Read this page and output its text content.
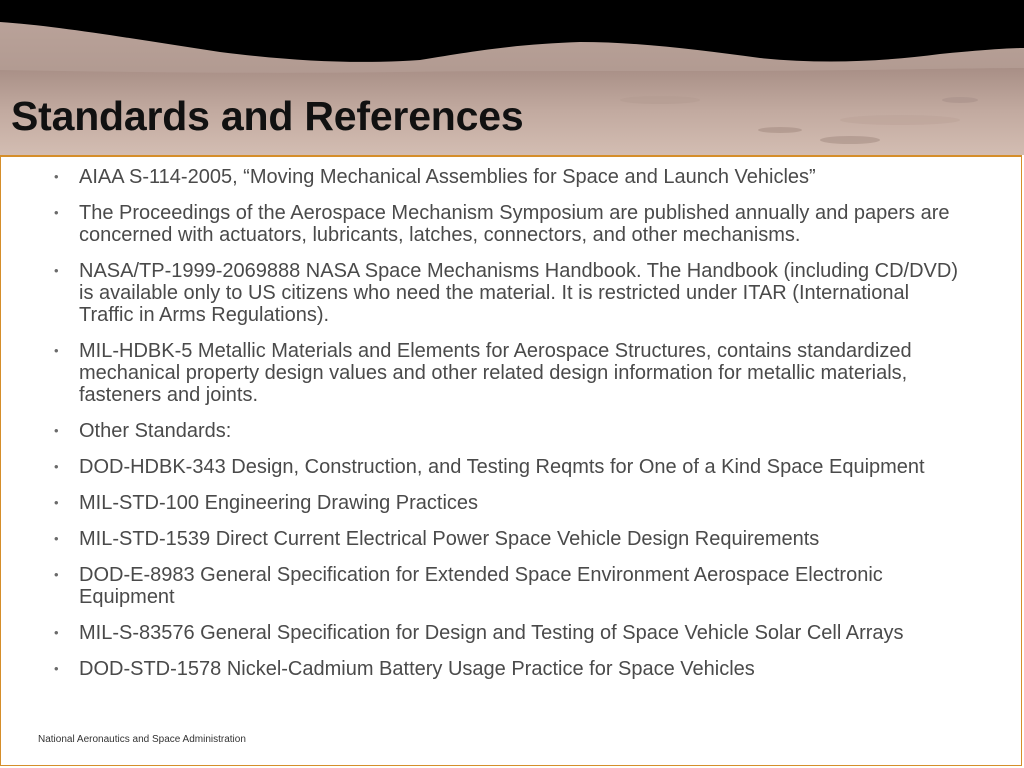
Standards and References
• AIAA S-114-2005, “Moving Mechanical Assemblies for Space and Launch Vehicles”
• The Proceedings of the Aerospace Mechanism Symposium are published annually and papers are concerned with actuators, lubricants, latches, connectors, and other mechanisms.
• NASA/TP-1999-2069888 NASA Space Mechanisms Handbook. The Handbook (including CD/DVD) is available only to US citizens who need the material. It is restricted under ITAR (International Traffic in Arms Regulations).
• MIL-HDBK-5 Metallic Materials and Elements for Aerospace Structures, contains standardized mechanical property design values and other related design information for metallic materials, fasteners and joints.
• Other Standards:
• DOD-HDBK-343 Design, Construction, and Testing Reqmts for One of a Kind Space Equipment
• MIL-STD-100 Engineering Drawing Practices
• MIL-STD-1539 Direct Current Electrical Power Space Vehicle Design Requirements
• DOD-E-8983 General Specification for Extended Space Environment Aerospace Electronic Equipment
• MIL-S-83576 General Specification for Design and Testing of Space Vehicle Solar Cell Arrays
• DOD-STD-1578 Nickel-Cadmium Battery Usage Practice for Space Vehicles
National Aeronautics and Space Administration
